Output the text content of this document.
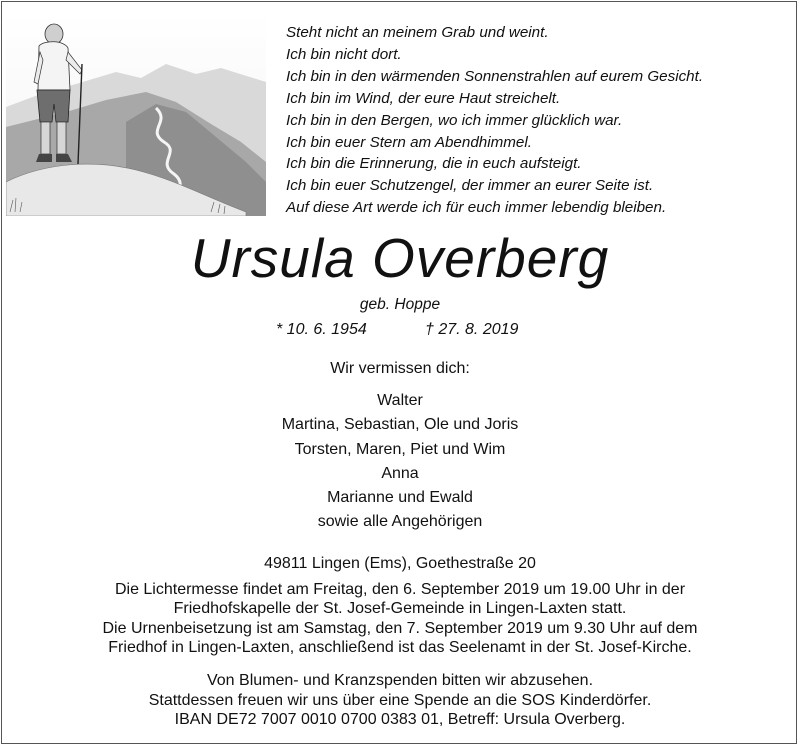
Steht nicht an meinem Grab und weint.
Ich bin nicht dort.
Ich bin in den wärmenden Sonnenstrahlen auf eurem Gesicht.
Ich bin im Wind, der eure Haut streichelt.
Ich bin in den Bergen, wo ich immer glücklich war.
Ich bin euer Stern am Abendhimmel.
Ich bin die Erinnerung, die in euch aufsteigt.
Ich bin euer Schutzengel, der immer an eurer Seite ist.
Auf diese Art werde ich für euch immer lebendig bleiben.
Ursula Overberg
geb. Hoppe
* 10. 6. 1954	† 27. 8. 2019
Wir vermissen dich:
Walter
Martina, Sebastian, Ole und Joris
Torsten, Maren, Piet und Wim
Anna
Marianne und Ewald
sowie alle Angehörigen
49811 Lingen (Ems), Goethestraße 20
Die Lichtermesse findet am Freitag, den 6. September 2019 um 19.00 Uhr in der
Friedhofskapelle der St. Josef-Gemeinde in Lingen-Laxten statt.
Die Urnenbeisetzung ist am Samstag, den 7. September 2019 um 9.30 Uhr auf dem
Friedhof in Lingen-Laxten, anschließend ist das Seelenamt in der St. Josef-Kirche.
Von Blumen- und Kranzspenden bitten wir abzusehen.
Stattdessen freuen wir uns über eine Spende an die SOS Kinderdörfer.
IBAN DE72 7007 0010 0700 0383 01, Betreff: Ursula Overberg.
